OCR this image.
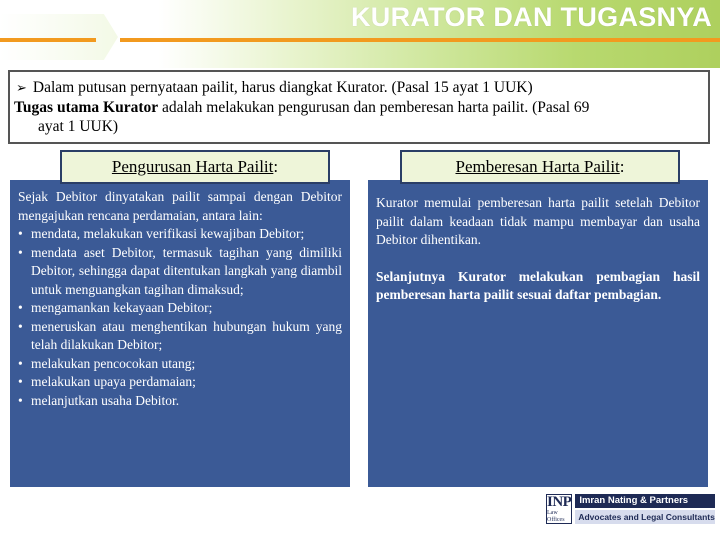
KURATOR DAN TUGASNYA
➢ Dalam putusan pernyataan pailit, harus diangkat Kurator. (Pasal 15 ayat 1 UUK)
Tugas utama Kurator adalah melakukan pengurusan dan pemberesan harta pailit. (Pasal 69
ayat 1 UUK)

Sejak Debitor dinyatakan pailit sampai dengan Debitor mengajukan rencana perdamaian, antara lain:

• mendata, melakukan verifikasi kewajiban Debitor;
• mendata aset Debitor, termasuk tagihan yang dimiliki Debitor, sehingga dapat ditentukan langkah yang diambil untuk menguangkan tagihan dimaksud;
• mengamankan kekayaan Debitor;
• meneruskan atau menghentikan hubungan hukum yang telah dilakukan Debitor;
• melakukan pencocokan utang;
• melakukan upaya perdamaian;
• melanjutkan usaha Debitor.

Kurator memulai pemberesan harta pailit setelah Debitor pailit dalam keadaan tidak mampu membayar dan usaha Debitor dihentikan.

Selanjutnya Kurator melakukan pembagian hasil pemberesan harta pailit sesuai daftar pembagian.

Pengurusan Harta Pailit:	Pemberesan Harta Pailit:
INP
Law Offices
Imran Nating & Partners
Advocates and Legal Consultants
